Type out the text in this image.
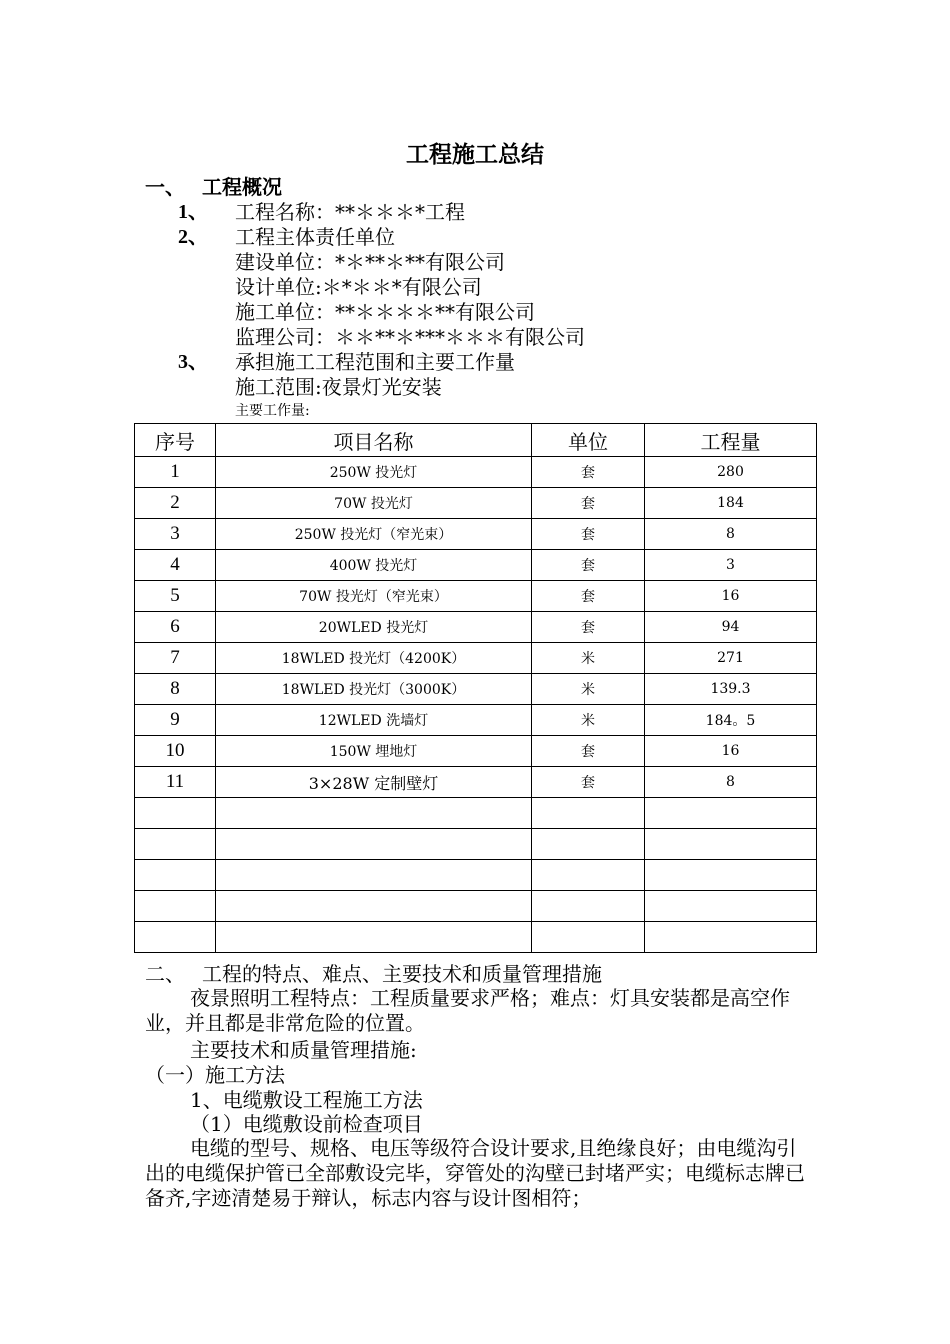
工程施工总结
一、 工程概况
1、 工程名称：**＊＊＊*工程
2、 工程主体责任单位
建设单位：*＊**＊**有限公司
设计单位:＊*＊＊*有限公司
施工单位：**＊＊＊＊**有限公司
监理公司：＊＊**＊***＊＊＊有限公司
3、 承担施工工程范围和主要工作量
施工范围:夜景灯光安装
主要工作量:
序号	项目名称	单位	工程量
1	250W 投光灯	套	280
2	70W 投光灯	套	184
3	250W 投光灯（窄光束）	套	8
4	400W 投光灯	套	3
5	70W 投光灯（窄光束）	套	16
6	20WLED 投光灯	套	94
7	18WLED 投光灯（4200K）	米	271
8	18WLED 投光灯（3000K）	米	139.3
9	12WLED 洗墙灯	米	184。5
10	150W 埋地灯	套	16
11	3×28W 定制壁灯	套	8

二、 工程的特点、难点、主要技术和质量管理措施

夜景照明工程特点：工程质量要求严格；难点：灯具安装都是高空作业，并且都是非常危险的位置。

主要技术和质量管理措施:
（一）施工方法
1、电缆敷设工程施工方法
（1）电缆敷设前检查项目

电缆的型号、规格、电压等级符合设计要求,且绝缘良好；由电缆沟引出的电缆保护管已全部敷设完毕，穿管处的沟壁已封堵严实；电缆标志牌已备齐,字迹清楚易于辩认，标志内容与设计图相符；
